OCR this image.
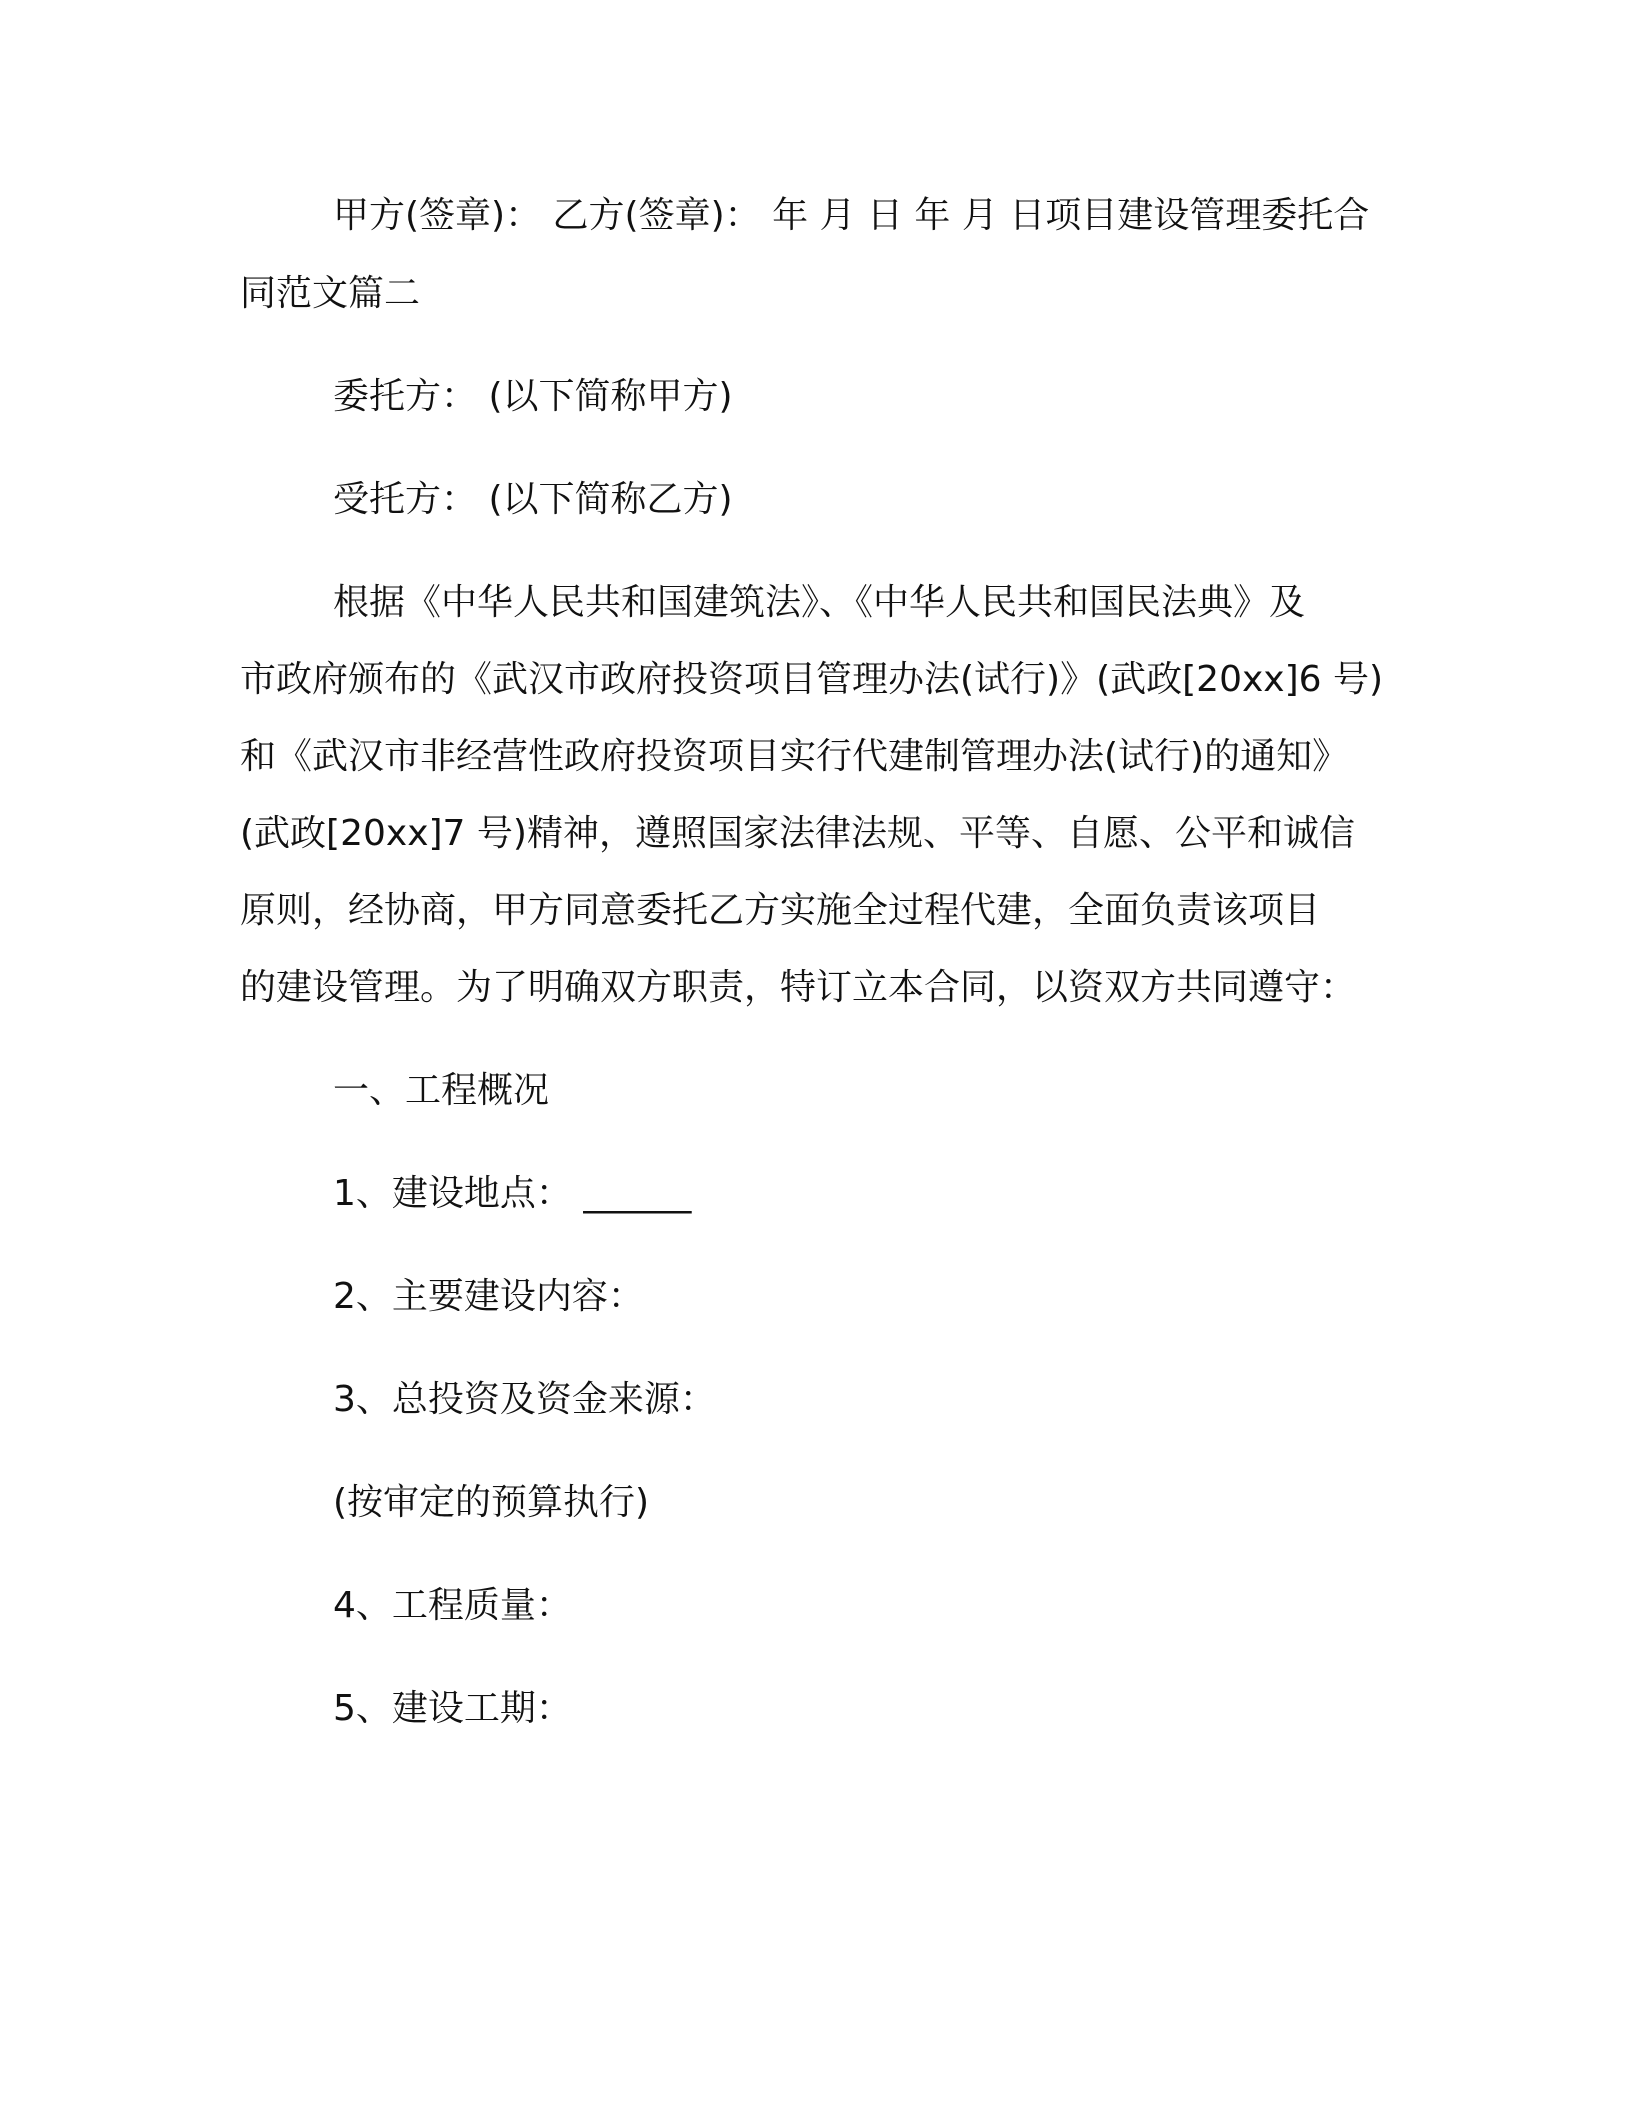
甲方(签章)： 乙方(签章)： 年 月 日 年 月 日项目建设管理委托合
同范文篇二
委托方： (以下简称甲方)
受托方： (以下简称乙方)
根据《中华人民共和国建筑法》、《中华人民共和国民法典》及
市政府颁布的《武汉市政府投资项目管理办法(试行)》(武政[20xx]6 号)
和《武汉市非经营性政府投资项目实行代建制管理办法(试行)的通知》
(武政[20xx]7 号)精神，遵照国家法律法规、平等、自愿、公平和诚信
原则，经协商，甲方同意委托乙方实施全过程代建，全面负责该项目
的建设管理。为了明确双方职责，特订立本合同，以资双方共同遵守：
一、工程概况
1、建设地点： ______
2、主要建设内容：
3、总投资及资金来源：
(按审定的预算执行)
4、工程质量：
5、建设工期：
